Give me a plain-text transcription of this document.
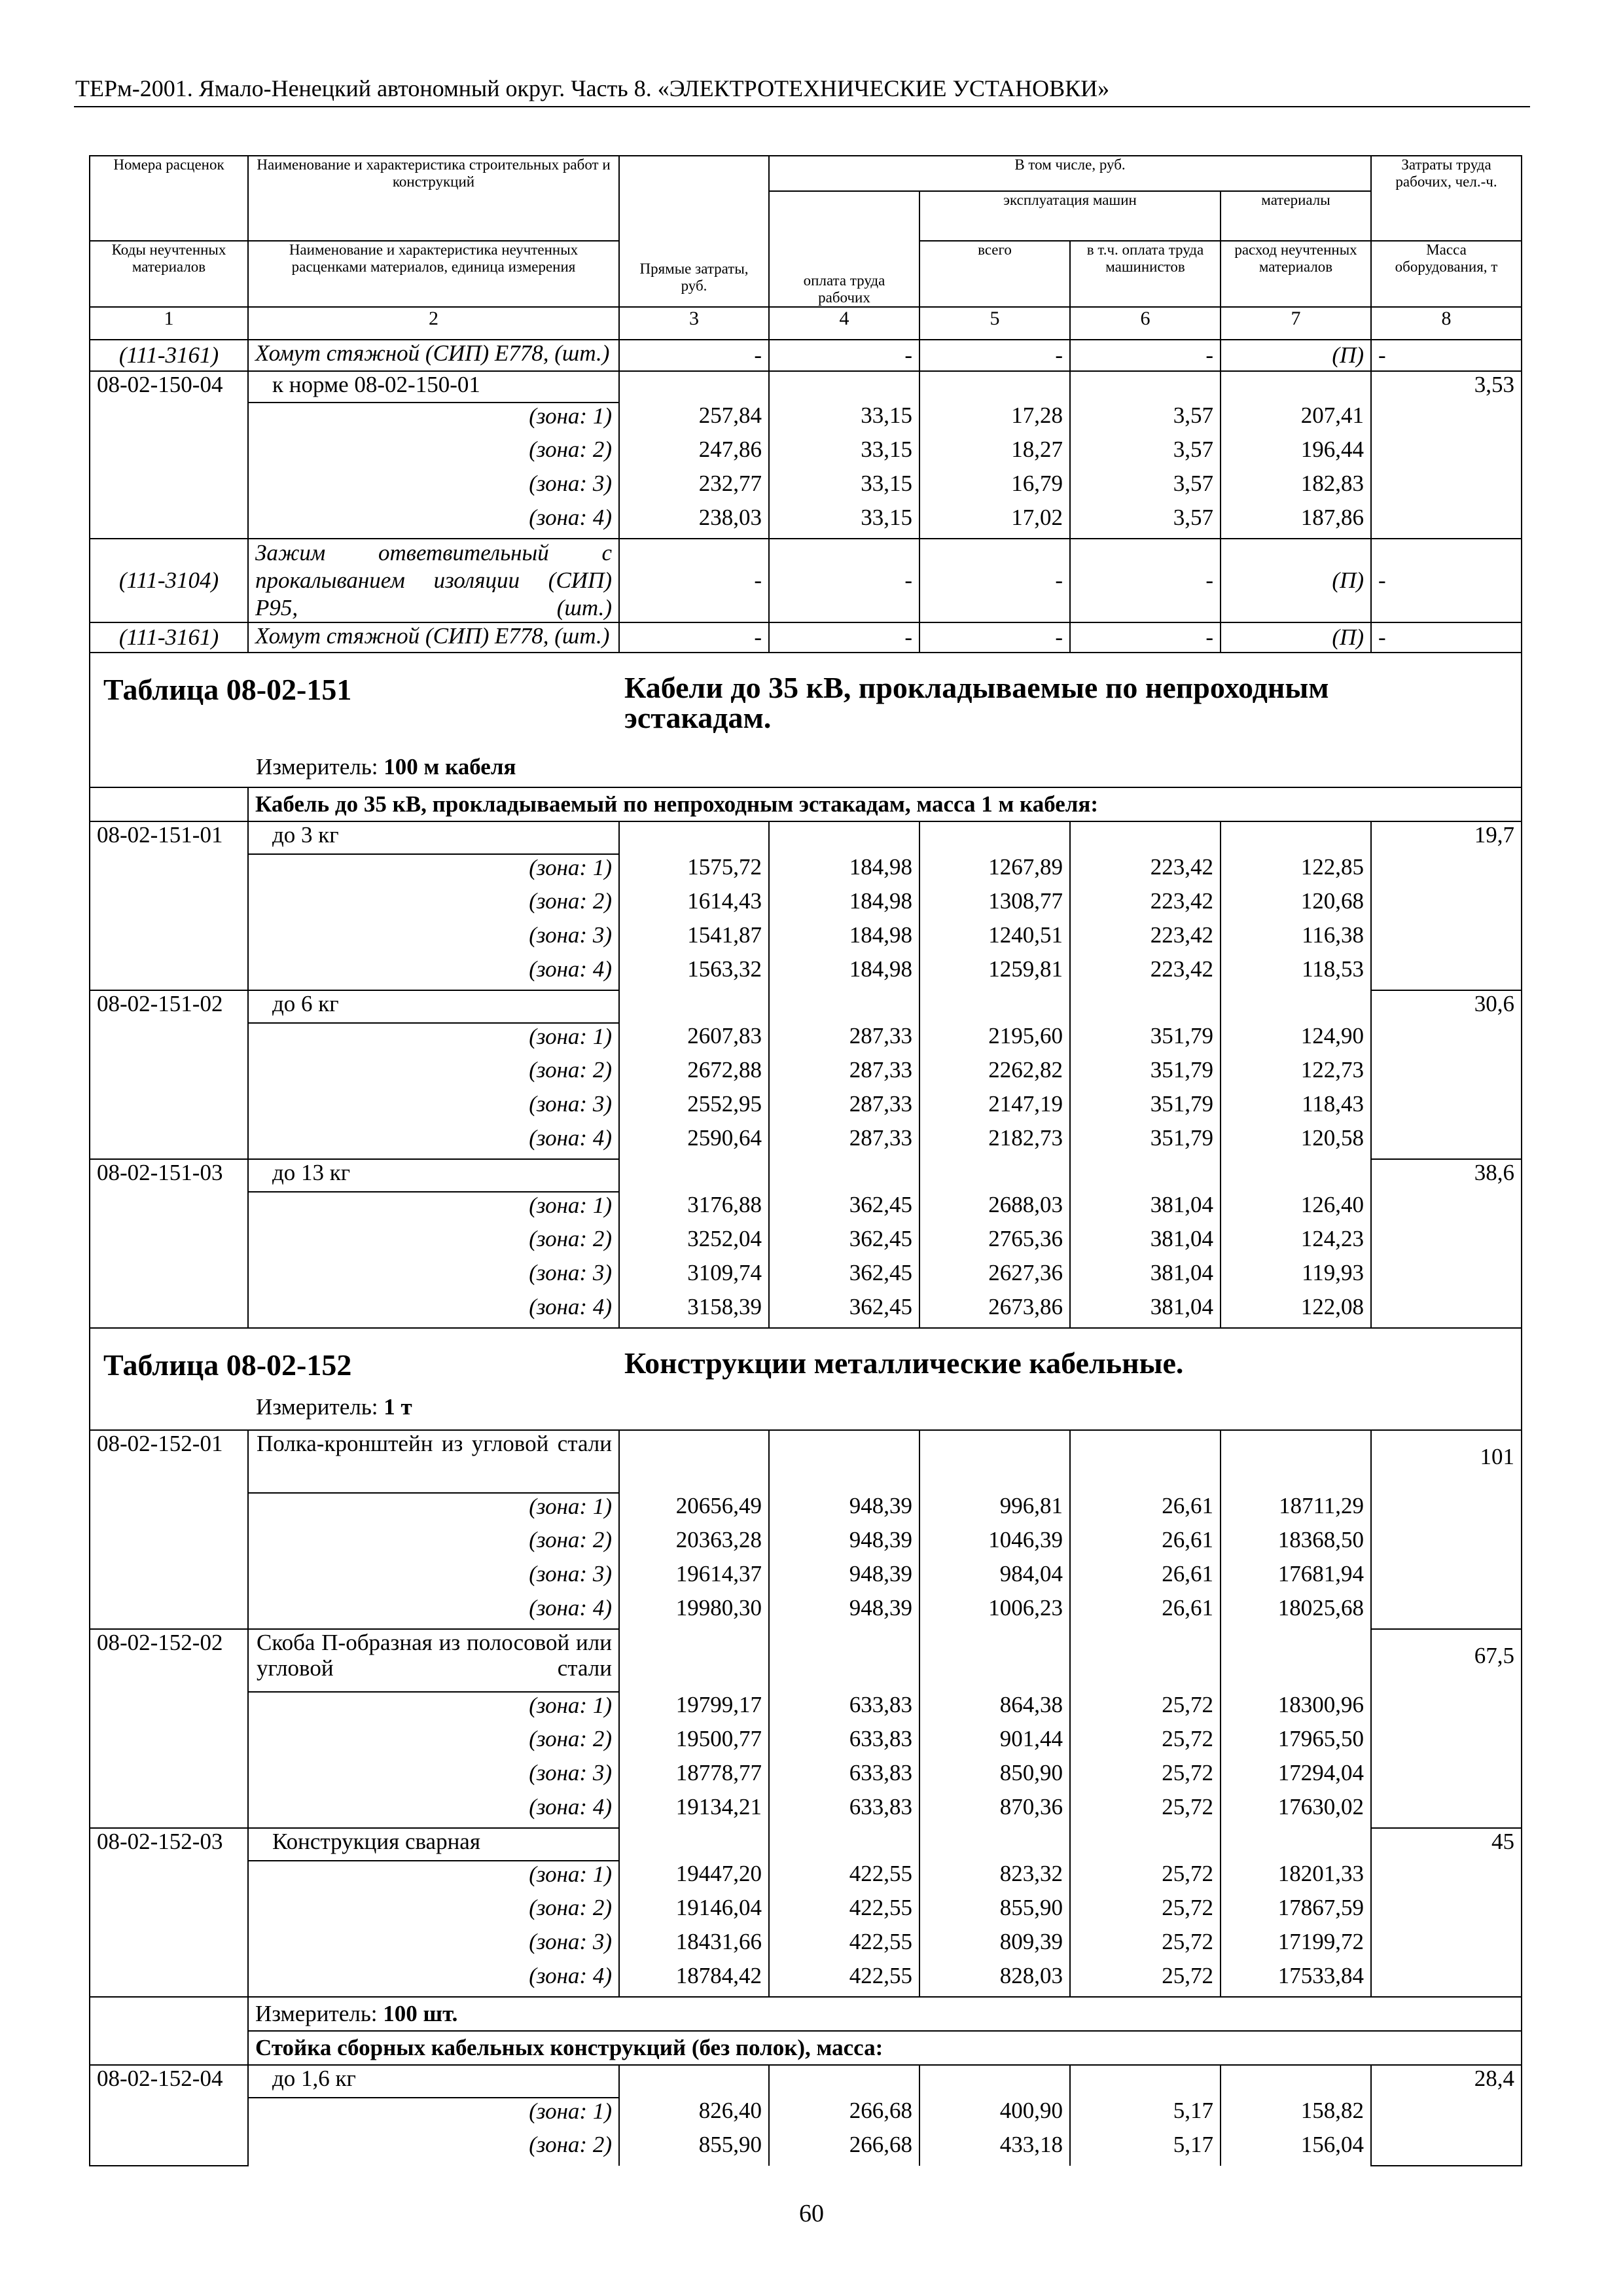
ТЕРм-2001. Ямало-Ненецкий автономный округ. Часть 8. «ЭЛЕКТРОТЕХНИЧЕСКИЕ УСТАНОВКИ»
Номера расценок	Наименование и характеристика строительных работ и конструкций	Прямые затраты, руб.	В том числе, руб.				Затраты труда рабочих, чел.-ч.
				эксплуатация машин		материалы	
Коды неучтенных материалов	Наименование и характеристика неучтенных расценками материалов, единица измерения			всего	в т.ч. оплата труда машинистов	расход неучтенных материалов	Масса оборудования, т
			оплата труда рабочих				
1	2	3	4	5	6	7	8
(111-3161)	Хомут стяжной (СИП) Е778, (шт.)	-	-	-	-	(П)	-
08-02-150-04	к норме 08-02-150-01						3,53
	(зона: 1)	257,84	33,15	17,28	3,57	207,41	
	(зона: 2)	247,86	33,15	18,27	3,57	196,44	
	(зона: 3)	232,77	33,15	16,79	3,57	182,83	
	(зона: 4)	238,03	33,15	17,02	3,57	187,86	
(111-3104)	Зажим ответвительный с прокалыванием изоляции (СИП) Р95, (шт.)	-	-	-	-	(П)	-
(111-3161)	Хомут стяжной (СИП) Е778, (шт.)	-	-	-	-	(П)	-

Таблица 08-02-151 Кабели до 35 кВ, прокладываемые по непроходным эстакадам.
Измеритель: 100 м кабеля							

	Кабель до 35 кВ, прокладываемый по непроходным эстакадам, масса 1 м кабеля:						
08-02-151-01	до 3 кг						19,7
	(зона: 1)	1575,72	184,98	1267,89	223,42	122,85	
	(зона: 2)	1614,43	184,98	1308,77	223,42	120,68	
	(зона: 3)	1541,87	184,98	1240,51	223,42	116,38	
	(зона: 4)	1563,32	184,98	1259,81	223,42	118,53	
08-02-151-02	до 6 кг						30,6
	(зона: 1)	2607,83	287,33	2195,60	351,79	124,90	
	(зона: 2)	2672,88	287,33	2262,82	351,79	122,73	
	(зона: 3)	2552,95	287,33	2147,19	351,79	118,43	
	(зона: 4)	2590,64	287,33	2182,73	351,79	120,58	
08-02-151-03	до 13 кг						38,6
	(зона: 1)	3176,88	362,45	2688,03	381,04	126,40	
	(зона: 2)	3252,04	362,45	2765,36	381,04	124,23	
	(зона: 3)	3109,74	362,45	2627,36	381,04	119,93	
	(зона: 4)	3158,39	362,45	2673,86	381,04	122,08	

Таблица 08-02-152 Конструкции металлические кабельные.
Измеритель: 1 т							

08-02-152-01	Полка-кронштейн из угловой стали						101
	(зона: 1)	20656,49	948,39	996,81	26,61	18711,29	
	(зона: 2)	20363,28	948,39	1046,39	26,61	18368,50	
	(зона: 3)	19614,37	948,39	984,04	26,61	17681,94	
	(зона: 4)	19980,30	948,39	1006,23	26,61	18025,68	
08-02-152-02	Скоба П-образная из полосовой или угловой стали						67,5
	(зона: 1)	19799,17	633,83	864,38	25,72	18300,96	
	(зона: 2)	19500,77	633,83	901,44	25,72	17965,50	
	(зона: 3)	18778,77	633,83	850,90	25,72	17294,04	
	(зона: 4)	19134,21	633,83	870,36	25,72	17630,02	
08-02-152-03	Конструкция сварная						45
	(зона: 1)	19447,20	422,55	823,32	25,72	18201,33	
	(зона: 2)	19146,04	422,55	855,90	25,72	17867,59	
	(зона: 3)	18431,66	422,55	809,39	25,72	17199,72	
	(зона: 4)	18784,42	422,55	828,03	25,72	17533,84	
	Измеритель: 100 шт.						
	Стойка сборных кабельных конструкций (без полок), масса:						
08-02-152-04	до 1,6 кг						28,4
	(зона: 1)	826,40	266,68	400,90	5,17	158,82	
	(зона: 2)	855,90	266,68	433,18	5,17	156,04	
60
